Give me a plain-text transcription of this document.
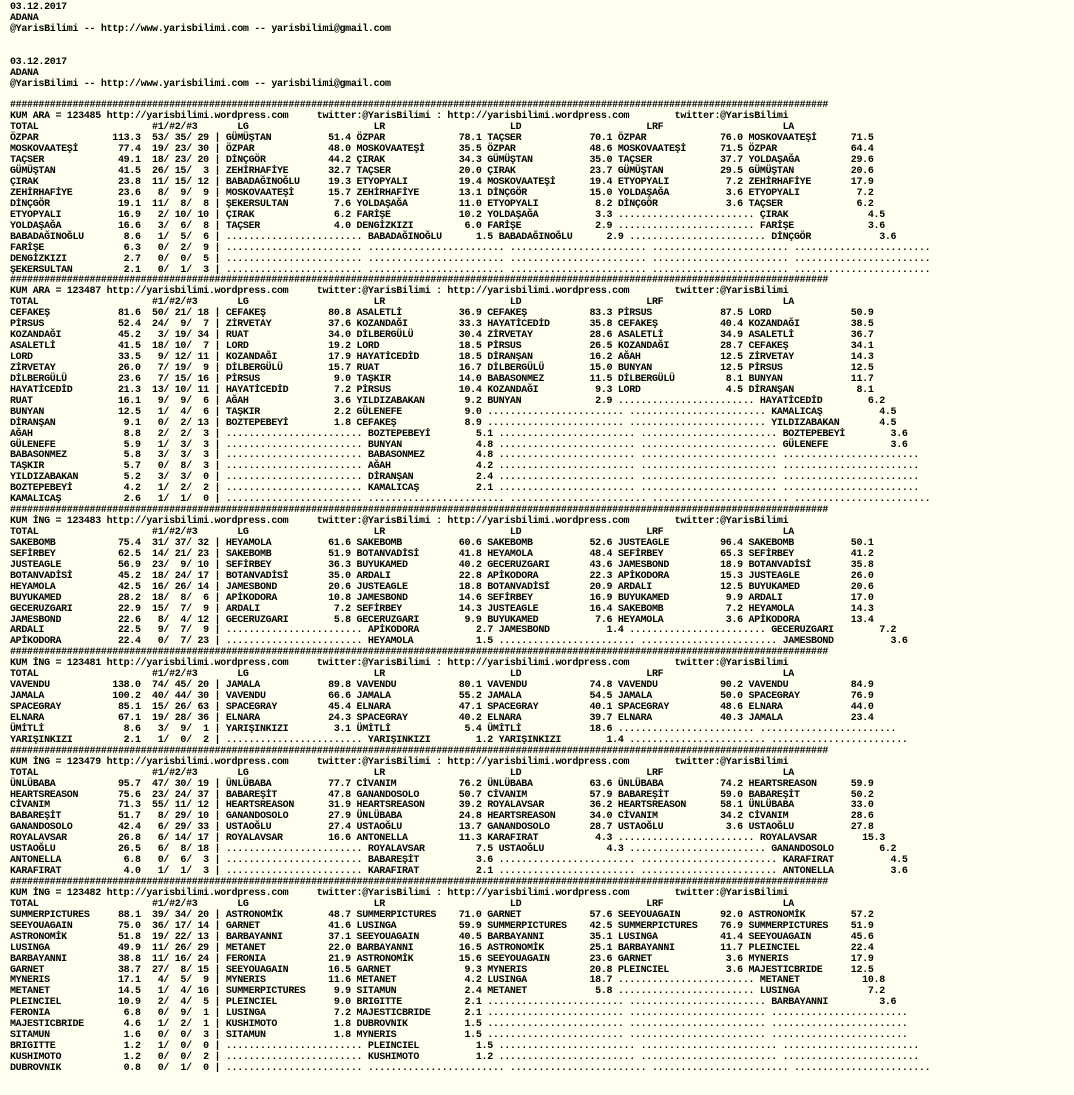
03.12.2017
ADANA
@YarisBilimi -- http://www.yarisbilimi.com -- yarisbilimi@gmail.com

03.12.2017
ADANA
@YarisBilimi -- http://www.yarisbilimi.com -- yarisbilimi@gmail.com

################################################################################################################################################
KUM ARA = 123485 http://yarisbilimi.wordpress.com     twitter:@YarisBilimi : http://yarisbilimi.wordpress.com        twitter:@YarisBilimi
TOTAL                    #1/#2/#3       LG                      LR                      LD                      LRF                     LA
ÖZPAR             113.3  53/ 35/ 29 | GÜMÜŞTAN          51.4 ÖZPAR             78.1 TAÇSER            70.1 ÖZPAR             76.0 MOSKOVAATEŞİ      71.5
MOSKOVAATEŞİ       77.4  19/ 23/ 30 | ÖZPAR             48.0 MOSKOVAATEŞİ      35.5 ÖZPAR             48.6 MOSKOVAATEŞİ      71.5 ÖZPAR             64.4
TAÇSER             49.1  18/ 23/ 20 | DİNÇGÖR           44.2 ÇIRAK             34.3 GÜMÜŞTAN          35.0 TAÇSER            37.7 YOLDAŞAĞA         29.6
GÜMÜŞTAN           41.5  26/ 15/  3 | ZEHİRHAFİYE       32.7 TAÇSER            20.0 ÇIRAK             23.7 GÜMÜŞTAN          29.5 GÜMÜŞTAN          20.6
ÇIRAK              23.8  11/ 15/ 12 | BABADAĞINOĞLU     19.3 ETYOPYALI         19.4 MOSKOVAATEŞİ      19.4 ETYOPYALI          7.2 ZEHİRHAFİYE       17.9
ZEHİRHAFİYE        23.6   8/  9/  9 | MOSKOVAATEŞİ      15.7 ZEHİRHAFİYE       13.1 DİNÇGÖR           15.0 YOLDAŞAĞA          3.6 ETYOPYALI          7.2
DİNÇGÖR            19.1  11/  8/  8 | ŞEKERSULTAN        7.6 YOLDAŞAĞA         11.0 ETYOPYALI          8.2 DİNÇGÖR            3.6 TAÇSER             6.2
ETYOPYALI          16.9   2/ 10/ 10 | ÇIRAK              6.2 FARİŞE            10.2 YOLDAŞAĞA          3.3 ........................ ÇIRAK              4.5
YOLDAŞAĞA          16.6   3/  6/  8 | TAÇSER             4.0 DENGİZKIZI         6.0 FARİŞE             2.9 ........................ FARİŞE             3.6
BABADAĞINOĞLU       8.6   1/  5/  6 | ........................ BABADAĞINOĞLU      1.5 BABADAĞINOĞLU      2.9 ........................ DİNÇGÖR            3.6
FARİŞE              6.3   0/  2/  9 | ........................ ........................ ........................ ........................ ........................
DENGİZKIZI          2.7   0/  0/  5 | ........................ ........................ ........................ ........................ ........................
ŞEKERSULTAN         2.1   0/  1/  3 | ........................ ........................ ........................ ........................ ........................
################################################################################################################################################
KUM ARA = 123487 http://yarisbilimi.wordpress.com     twitter:@YarisBilimi : http://yarisbilimi.wordpress.com        twitter:@YarisBilimi
TOTAL                    #1/#2/#3       LG                      LR                      LD                      LRF                     LA
CEFAKEŞ            81.6  50/ 21/ 18 | CEFAKEŞ           80.8 ASALETLİ          36.9 CEFAKEŞ           83.3 PİRSUS            87.5 LORD              50.9
PİRSUS             52.4  24/  9/  7 | ZİRVETAY          37.6 KOZANDAĞI         33.3 HAYATİCEDİD       35.8 CEFAKEŞ           40.4 KOZANDAĞI         38.5
KOZANDAĞI          45.2   3/ 19/ 34 | RUAT              34.0 DİLBERGÜLÜ        30.4 ZİRVETAY          28.6 ASALETLİ          34.9 ASALETLİ          36.7
ASALETLİ           41.5  18/ 10/  7 | LORD              19.2 LORD              18.5 PİRSUS            26.5 KOZANDAĞI         28.7 CEFAKEŞ           34.1
LORD               33.5   9/ 12/ 11 | KOZANDAĞI         17.9 HAYATİCEDİD       18.5 DİRANŞAN          16.2 AĞAH              12.5 ZİRVETAY          14.3
ZİRVETAY           26.0   7/ 19/  9 | DİLBERGÜLÜ        15.7 RUAT              16.7 DİLBERGÜLÜ        15.0 BUNYAN            12.5 PİRSUS            12.5
DİLBERGÜLÜ         23.6   7/ 15/ 16 | PİRSUS             9.0 TAŞKIR            14.0 BABASONMEZ        11.5 DİLBERGÜLÜ         8.1 BUNYAN            11.7
HAYATİCEDİD        21.3  13/ 10/ 11 | HAYATİCEDİD        7.2 PİRSUS            10.4 KOZANDAĞI          9.3 LORD               4.5 DİRANŞAN           8.1
RUAT               16.1   9/  9/  6 | AĞAH               3.6 YILDIZABAKAN       9.2 BUNYAN             2.9 ........................ HAYATİCEDİD        6.2
BUNYAN             12.5   1/  4/  6 | TAŞKIR             2.2 GÜLENEFE           9.0 ........................ ........................ KAMALICAŞ          4.5
DİRANŞAN            9.1   0/  2/ 13 | BOZTEPEBEYİ        1.8 CEFAKEŞ            8.9 ........................ ........................ YILDIZABAKAN       4.5
AĞAH                8.8   2/  2/  3 | ........................ BOZTEPEBEYİ        5.1 ........................ ........................ BOZTEPEBEYİ        3.6
GÜLENEFE            5.9   1/  3/  3 | ........................ BUNYAN             4.8 ........................ ........................ GÜLENEFE           3.6
BABASONMEZ          5.8   3/  3/  3 | ........................ BABASONMEZ         4.8 ........................ ........................ ........................
TAŞKIR              5.7   0/  8/  3 | ........................ AĞAH               4.2 ........................ ........................ ........................
YILDIZABAKAN        5.2   3/  3/  0 | ........................ DİRANŞAN           2.4 ........................ ........................ ........................
BOZTEPEBEYİ         4.2   1/  2/  2 | ........................ KAMALICAŞ          2.1 ........................ ........................ ........................
KAMALICAŞ           2.6   1/  1/  0 | ........................ ........................ ........................ ........................ ........................
################################################################################################################################################
KUM İNG = 123483 http://yarisbilimi.wordpress.com     twitter:@YarisBilimi : http://yarisbilimi.wordpress.com        twitter:@YarisBilimi
TOTAL                    #1/#2/#3       LG                      LR                      LD                      LRF                     LA
SAKEBOMB           75.4  31/ 37/ 32 | HEYAMOLA          61.6 SAKEBOMB          60.6 SAKEBOMB          52.6 JUSTEAGLE         96.4 SAKEBOMB          50.1
SEFİRBEY           62.5  14/ 21/ 23 | SAKEBOMB          51.9 BOTANVADİSİ       41.8 HEYAMOLA          48.4 SEFİRBEY          65.3 SEFİRBEY          41.2
JUSTEAGLE          56.9  23/  9/ 10 | SEFİRBEY          36.3 BUYUKAMED         40.2 GECERUZGARI       43.6 JAMESBOND         18.9 BOTANVADİSİ       35.8
BOTANVADİSİ        45.2  18/ 24/ 17 | BOTANVADİSİ       35.0 ARDALI            22.8 APİKODORA         22.3 APİKODORA         15.3 JUSTEAGLE         26.0
HEYAMOLA           42.5  16/ 26/ 14 | JAMESBOND         20.6 JUSTEAGLE         18.8 BOTANVADİSİ       20.9 ARDALI            12.5 BUYUKAMED         20.6
BUYUKAMED          28.2  18/  8/  6 | APİKODORA         10.8 JAMESBOND         14.6 SEFİRBEY          16.9 BUYUKAMED          9.9 ARDALI            17.0
GECERUZGARI        22.9  15/  7/  9 | ARDALI             7.2 SEFİRBEY          14.3 JUSTEAGLE         16.4 SAKEBOMB           7.2 HEYAMOLA          14.3
JAMESBOND          22.6   8/  4/ 12 | GECERUZGARI        5.8 GECERUZGARI        9.9 BUYUKAMED          7.6 HEYAMOLA           3.6 APİKODORA         13.4
ARDALI             22.5   9/  7/  9 | ........................ APİKODORA          2.7 JAMESBOND          1.4 ........................ GECERUZGARI        7.2
APİKODORA          22.4   0/  7/ 23 | ........................ HEYAMOLA           1.5 ........................ ........................ JAMESBOND          3.6
################################################################################################################################################
KUM İNG = 123481 http://yarisbilimi.wordpress.com     twitter:@YarisBilimi : http://yarisbilimi.wordpress.com        twitter:@YarisBilimi
TOTAL                    #1/#2/#3       LG                      LR                      LD                      LRF                     LA
VAVENDU           138.0  74/ 45/ 20 | JAMALA            89.8 VAVENDU           80.1 VAVENDU           74.8 VAVENDU           90.2 VAVENDU           84.9
JAMALA            100.2  40/ 44/ 30 | VAVENDU           66.6 JAMALA            55.2 JAMALA            54.5 JAMALA            50.0 SPACEGRAY         76.9
SPACEGRAY          85.1  15/ 26/ 63 | SPACEGRAY         45.4 ELNARA            47.1 SPACEGRAY         40.1 SPACEGRAY         48.6 ELNARA            44.0
ELNARA             67.1  19/ 28/ 36 | ELNARA            24.3 SPACEGRAY         40.2 ELNARA            39.7 ELNARA            40.3 JAMALA            23.4
ÜMİTLİ              8.6   3/  9/  1 | YARIŞINKIZI        3.1 ÜMİTLİ             5.4 ÜMİTLİ            18.6 ........................ ........................
YARIŞINKIZI         2.1   1/  0/  2 | ........................ YARIŞINKIZI        1.2 YARIŞINKIZI        1.4 ........................ ........................
################################################################################################################################################
KUM İNG = 123479 http://yarisbilimi.wordpress.com     twitter:@YarisBilimi : http://yarisbilimi.wordpress.com        twitter:@YarisBilimi
TOTAL                    #1/#2/#3       LG                      LR                      LD                      LRF                     LA
ÜNLÜBABA           95.7  47/ 30/ 19 | ÜNLÜBABA          77.7 CİVANIM           76.2 ÜNLÜBABA          63.6 ÜNLÜBABA          74.2 HEARTSREASON      59.9
HEARTSREASON       75.6  23/ 24/ 37 | BABAREŞİT         47.8 GANANDOSOLO       50.7 CİVANIM           57.9 BABAREŞİT         59.0 BABAREŞİT         50.2
CİVANIM            71.3  55/ 11/ 12 | HEARTSREASON      31.9 HEARTSREASON      39.2 ROYALAVSAR        36.2 HEARTSREASON      58.1 ÜNLÜBABA          33.0
BABAREŞİT          51.7   8/ 29/ 10 | GANANDOSOLO       27.9 ÜNLÜBABA          24.8 HEARTSREASON      34.0 CİVANIM           34.2 CİVANIM           28.6
GANANDOSOLO        42.4   6/ 29/ 33 | USTAOĞLU          27.4 USTAOĞLU          13.7 GANANDOSOLO       28.7 USTAOĞLU           3.6 USTAOĞLU          27.8
ROYALAVSAR         26.8   6/ 14/ 17 | ROYALAVSAR        16.6 ANTONELLA         11.3 KARAFIRAT          4.3 ........................ ROYALAVSAR        15.3
USTAOĞLU           26.5   6/  8/ 18 | ........................ ROYALAVSAR         7.5 USTAOĞLU           4.3 ........................ GANANDOSOLO        6.2
ANTONELLA           6.8   0/  6/  3 | ........................ BABAREŞİT          3.6 ........................ ........................ KARAFIRAT          4.5
KARAFIRAT           4.0   1/  1/  3 | ........................ KARAFIRAT          2.1 ........................ ........................ ANTONELLA          3.6
################################################################################################################################################
KUM İNG = 123482 http://yarisbilimi.wordpress.com     twitter:@YarisBilimi : http://yarisbilimi.wordpress.com        twitter:@YarisBilimi
TOTAL                    #1/#2/#3       LG                      LR                      LD                      LRF                     LA
SUMMERPICTURES     88.1  39/ 34/ 20 | ASTRONOMİK        48.7 SUMMERPICTURES    71.0 GARNET            57.6 SEEYOUAGAIN       92.0 ASTRONOMİK        57.2
SEEYOUAGAIN        75.0  36/ 17/ 14 | GARNET            41.6 LUSINGA           59.9 SUMMERPICTURES    42.5 SUMMERPICTURES    76.9 SUMMERPICTURES    51.9
ASTRONOMİK         51.8  19/ 22/ 13 | BARBAYANNI        37.1 SEEYOUAGAIN       40.5 BARBAYANNI        35.1 LUSINGA           41.4 SEEYOUAGAIN       45.6
LUSINGA            49.9  11/ 26/ 29 | METANET           22.0 BARBAYANNI        16.5 ASTRONOMİK        25.1 BARBAYANNI        11.7 PLEINCIEL         22.4
BARBAYANNI         38.8  11/ 16/ 24 | FERONIA           21.9 ASTRONOMİK        15.6 SEEYOUAGAIN       23.6 GARNET             3.6 MYNERIS           17.9
GARNET             38.7  27/  8/ 15 | SEEYOUAGAIN       16.5 GARNET             9.3 MYNERIS           20.8 PLEINCIEL          3.6 MAJESTICBRIDE     12.5
MYNERIS            17.1   4/  5/  9 | MYNERIS           11.6 METANET            4.2 LUSINGA           18.7 ........................ METANET           10.8
METANET            14.5   1/  4/ 16 | SUMMERPICTURES     9.9 SITAMUN            2.4 METANET            5.8 ........................ LUSINGA            7.2
PLEINCIEL          10.9   2/  4/  5 | PLEINCIEL          9.0 BRIGITTE           2.1 ........................ ........................ BARBAYANNI         3.6
FERONIA             6.8   0/  9/  1 | LUSINGA            7.2 MAJESTICBRIDE      2.1 ........................ ........................ ........................
MAJESTICBRIDE       4.6   1/  2/  1 | KUSHIMOTO          1.8 DUBROVNIK          1.5 ........................ ........................ ........................
SITAMUN             1.6   0/  0/  3 | SITAMUN            1.8 MYNERIS            1.5 ........................ ........................ ........................
BRIGITTE            1.2   1/  0/  0 | ........................ PLEINCIEL          1.5 ........................ ........................ ........................
KUSHIMOTO           1.2   0/  0/  2 | ........................ KUSHIMOTO          1.2 ........................ ........................ ........................
DUBROVNIK           0.8   0/  1/  0 | ........................ ........................ ........................ ........................ ........................
